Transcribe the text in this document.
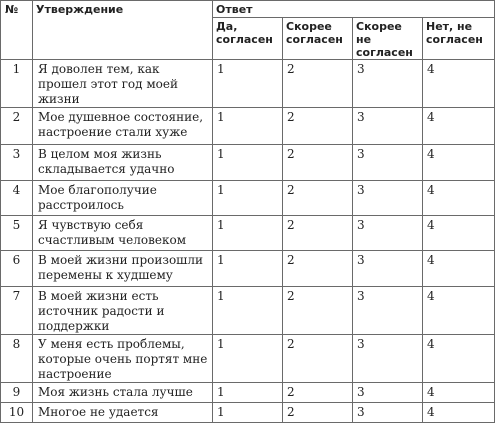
№	Утверждение	Ответ			
		Да, согласен	Скорее согласен	Скорее не согласен	Нет, не согласен
1	Я доволен тем, как прошел этот год моей жизни	1	2	3	4
2	Мое душевное состояние, настроение стали хуже	1	2	3	4
3	В целом моя жизнь складывается удачно	1	2	3	4
4	Мое благополучие расстроилось	1	2	3	4
5	Я чувствую себя счастливым человеком	1	2	3	4
6	В моей жизни произошли перемены к худшему	1	2	3	4
7	В моей жизни есть источник радости и поддержки	1	2	3	4
8	У меня есть проблемы, которые очень портят мне настроение	1	2	3	4
9	Моя жизнь стала лучше	1	2	3	4
10	Многое не удается	1	2	3	4
